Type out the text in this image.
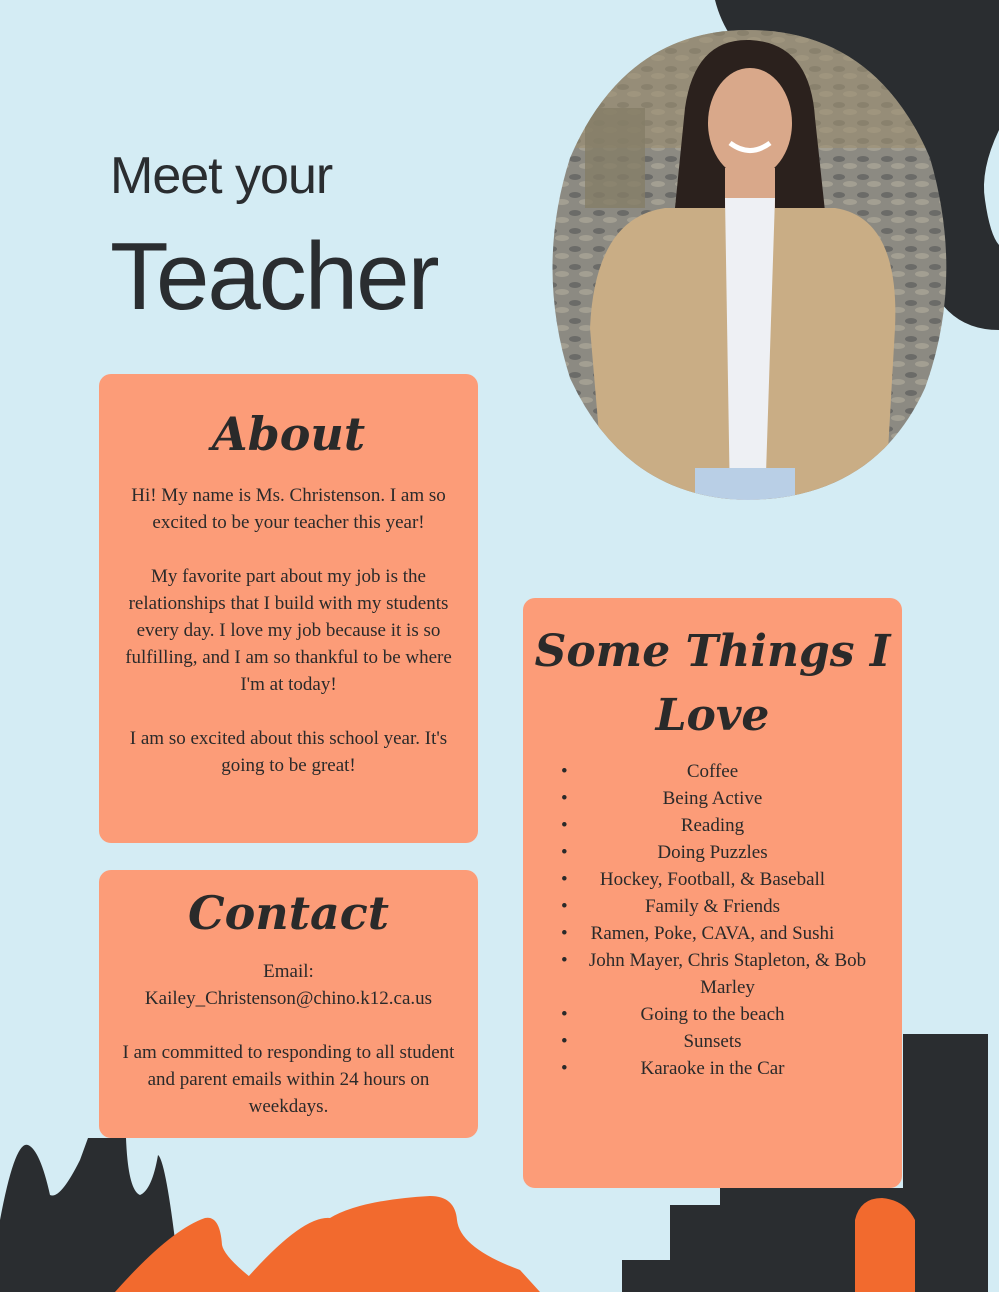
Meet your
Teacher
About

Hi! My name is Ms. Christenson. I am so excited to be your teacher this year!

My favorite part about my job is the relationships that I build with my students every day. I love my job because it is so fulfilling, and I am so thankful to be where I'm at today!

I am so excited about this school year. It's going to be great!

Contact
Email:
Kailey_Christenson@chino.k12.ca.us
I am committed to responding to all student and parent emails within 24 hours on weekdays.
Some Things I
Love
•	Coffee
•	Being Active
•	Reading
•	Doing Puzzles
• Hockey, Football, & Baseball
•	Family & Friends
• Ramen, Poke, CAVA, and Sushi
• John Mayer, Chris Stapleton, & Bob Marley
•	Going to the beach
•	Sunsets
•	Karaoke in the Car
